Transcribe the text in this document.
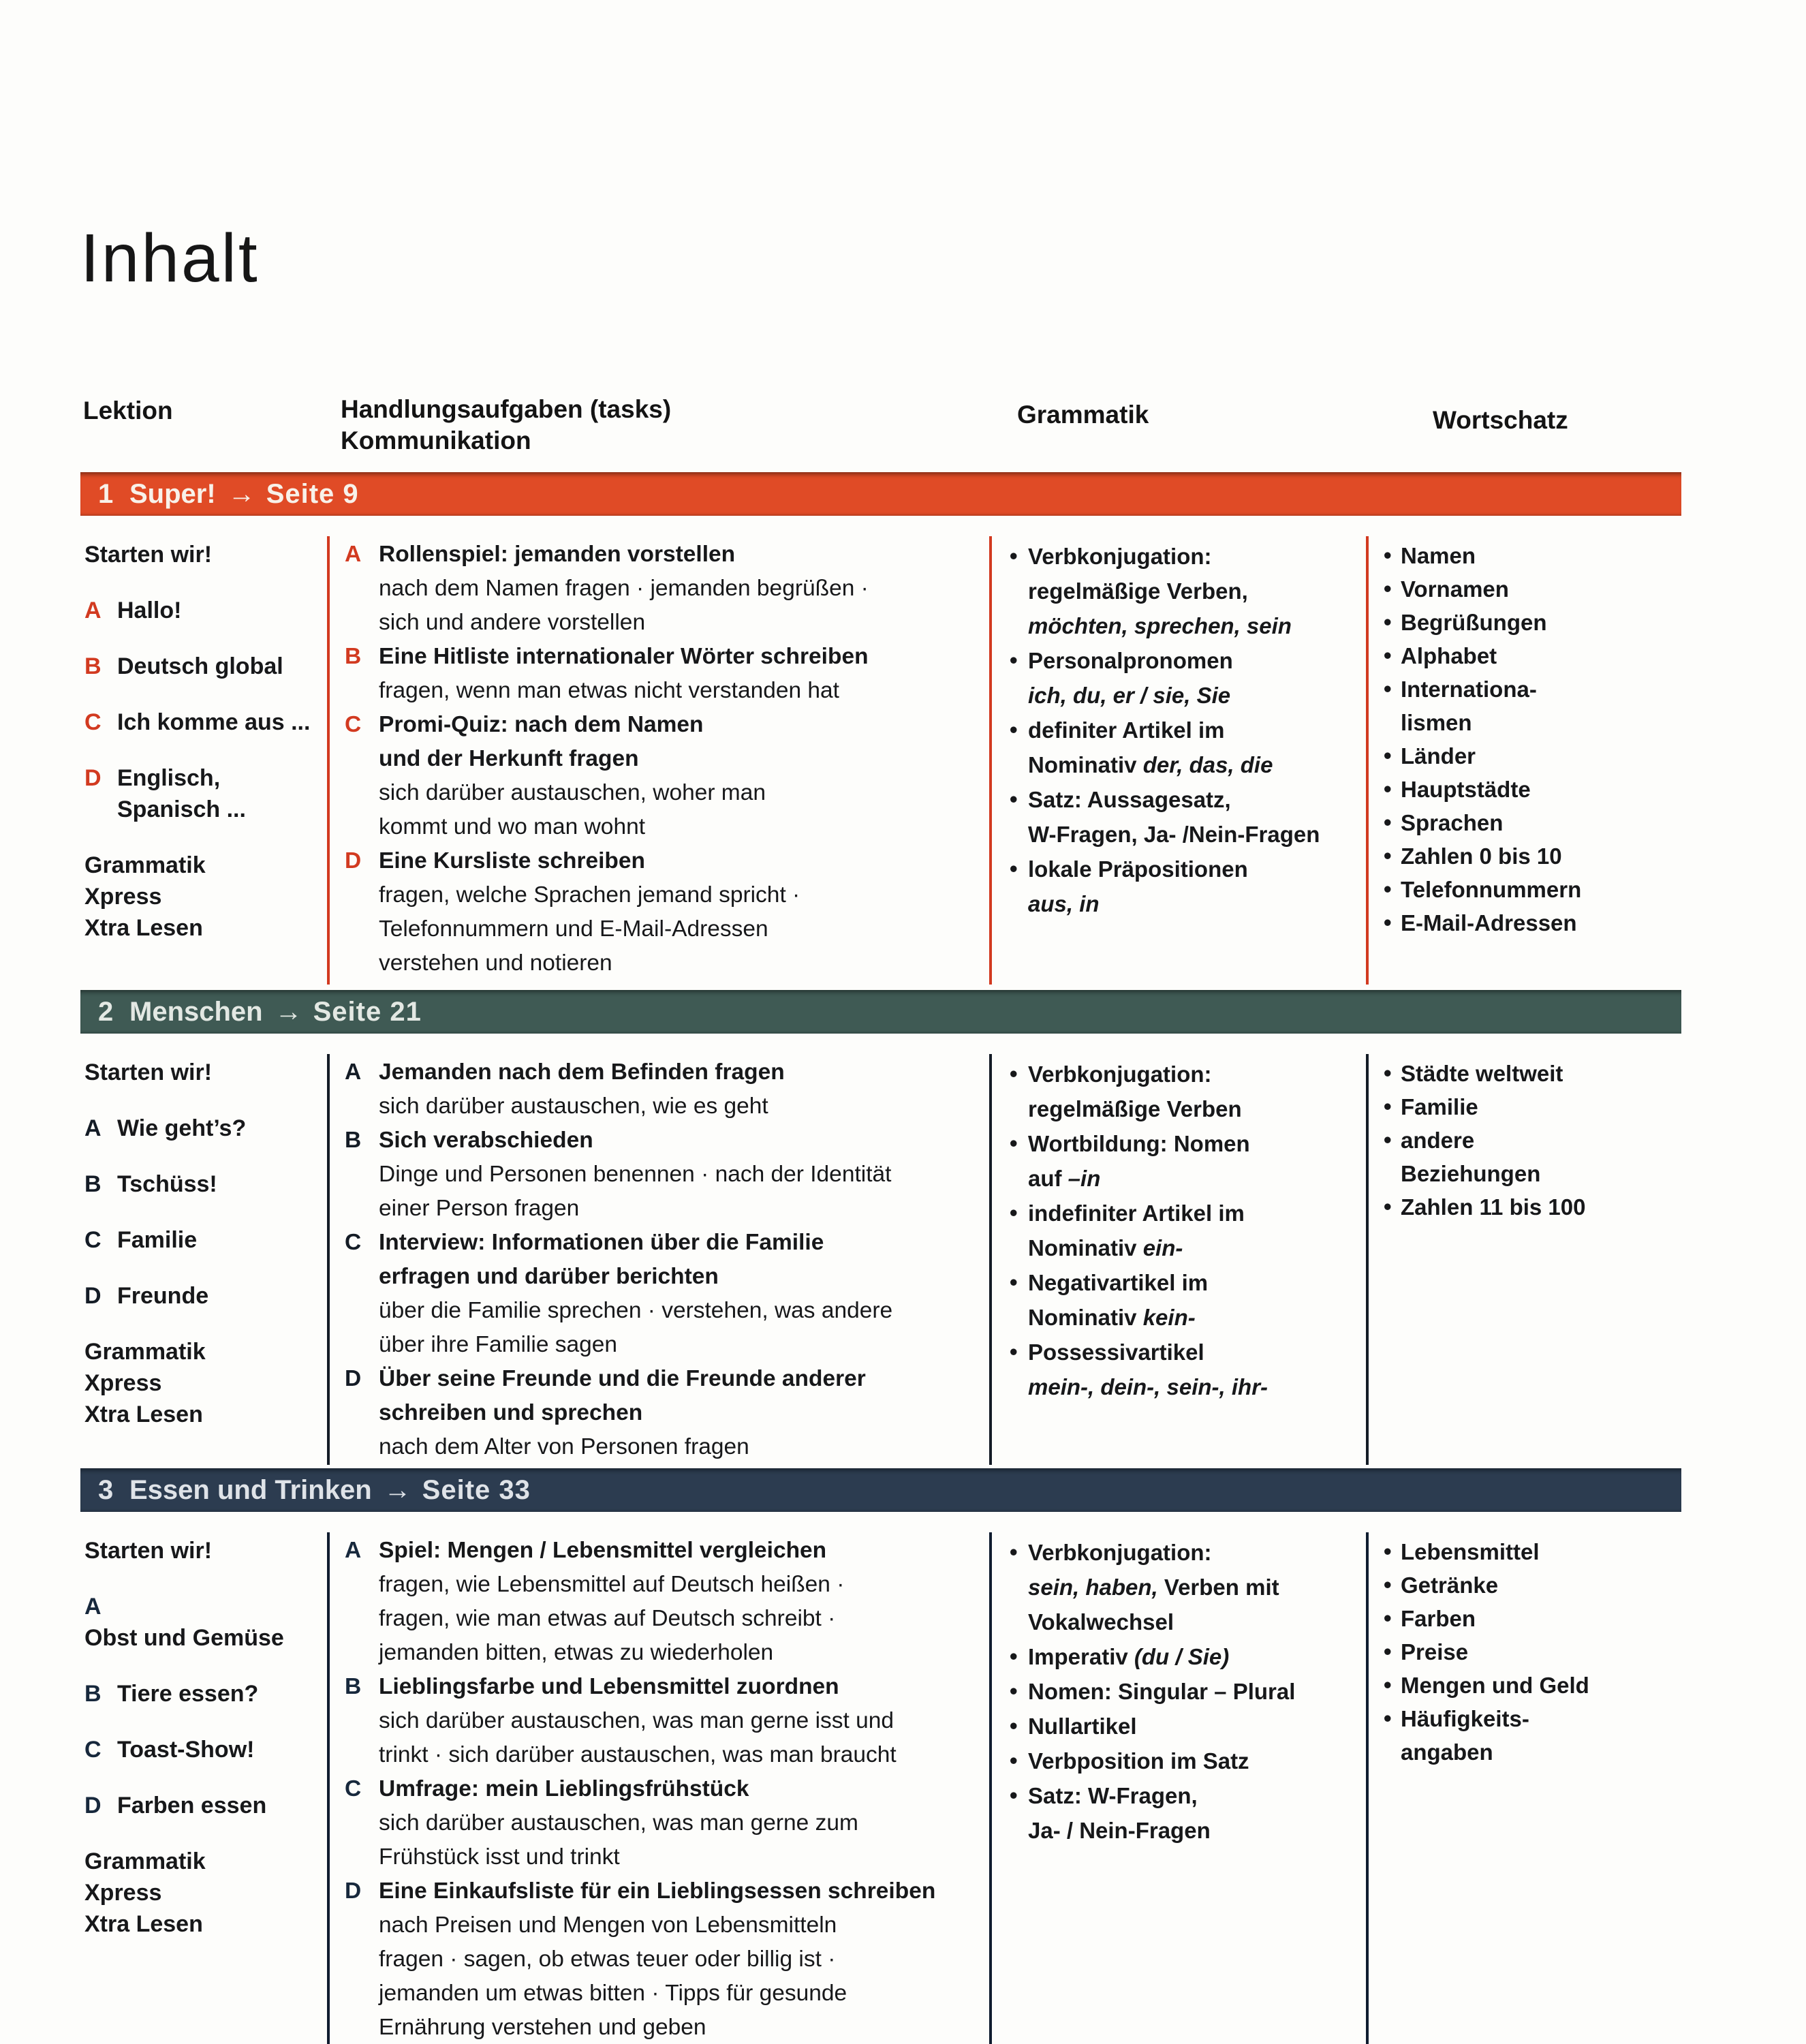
Inhalt
Lektion	Handlungsaufgaben (tasks)
Kommunikation
Grammatik	Wortschatz
1 Super! → Seite 9
Starten wir!
A Hallo!
B Deutsch global
C Ich komme aus ...
D Englisch,
Spanisch ...
Grammatik Xpress
Xtra Lesen
A Rollenspiel: jemanden vorstellen
nach dem Namen fragen · jemanden begrüßen ·
sich und andere vorstellen
B Eine Hitliste internationaler Wörter schreiben
fragen, wenn man etwas nicht verstanden hat
C Promi-Quiz: nach dem Namen
und der Herkunft fragen
sich darüber austauschen, woher man
kommt und wo man wohnt
D Eine Kursliste schreiben
fragen, welche Sprachen jemand spricht ·
Telefonnummern und E-Mail-Adressen
verstehen und notieren
• Verbkonjugation:
regelmäßige Verben,
möchten, sprechen, sein
• Personalpronomen
ich, du, er / sie, Sie
• definiter Artikel im
Nominativ der, das, die
• Satz: Aussagesatz,
W-Fragen, Ja- /Nein-Fragen
• lokale Präpositionen
aus, in
• Namen
• Vornamen
• Begrüßungen
• Alphabet
• Internationa-
lismen
• Länder
• Hauptstädte
• Sprachen
• Zahlen 0 bis 10
• Telefonnummern
• E-Mail-Adressen
2 Menschen → Seite 21
Starten wir!
A Wie geht’s?
B Tschüss!
C Familie
D Freunde
Grammatik Xpress
Xtra Lesen
A Jemanden nach dem Befinden fragen
sich darüber austauschen, wie es geht
B Sich verabschieden
Dinge und Personen benennen · nach der Identität
einer Person fragen
C Interview: Informationen über die Familie
erfragen und darüber berichten
über die Familie sprechen · verstehen, was andere
über ihre Familie sagen
D Über seine Freunde und die Freunde anderer
schreiben und sprechen
nach dem Alter von Personen fragen
• Verbkonjugation:
regelmäßige Verben
• Wortbildung: Nomen
auf –in
• indefiniter Artikel im
Nominativ ein-
• Negativartikel im
Nominativ kein-
• Possessivartikel
mein-, dein-, sein-, ihr-
• Städte weltweit
• Familie
• andere
Beziehungen
• Zahlen 11 bis 100
3 Essen und Trinken → Seite 33
Starten wir!
AObst und Gemüse
B Tiere essen?
C Toast-Show!
D Farben essen
Grammatik Xpress
Xtra Lesen
A Spiel: Mengen / Lebensmittel vergleichen
fragen, wie Lebensmittel auf Deutsch heißen ·
fragen, wie man etwas auf Deutsch schreibt ·
jemanden bitten, etwas zu wiederholen
B Lieblingsfarbe und Lebensmittel zuordnen
sich darüber austauschen, was man gerne isst und
trinkt · sich darüber austauschen, was man braucht
C Umfrage: mein Lieblingsfrühstück
sich darüber austauschen, was man gerne zum
Frühstück isst und trinkt
D Eine Einkaufsliste für ein Lieblingsessen schreiben
nach Preisen und Mengen von Lebensmitteln
fragen · sagen, ob etwas teuer oder billig ist ·
jemanden um etwas bitten · Tipps für gesunde
Ernährung verstehen und geben
• Verbkonjugation:
sein, haben, Verben mit
Vokalwechsel
• Imperativ (du / Sie)
• Nomen: Singular – Plural
• Nullartikel
• Verbposition im Satz
• Satz: W-Fragen,
Ja- / Nein-Fragen
• Lebensmittel
• Getränke
• Farben
• Preise
• Mengen und Geld
• Häufigkeits-
angaben
